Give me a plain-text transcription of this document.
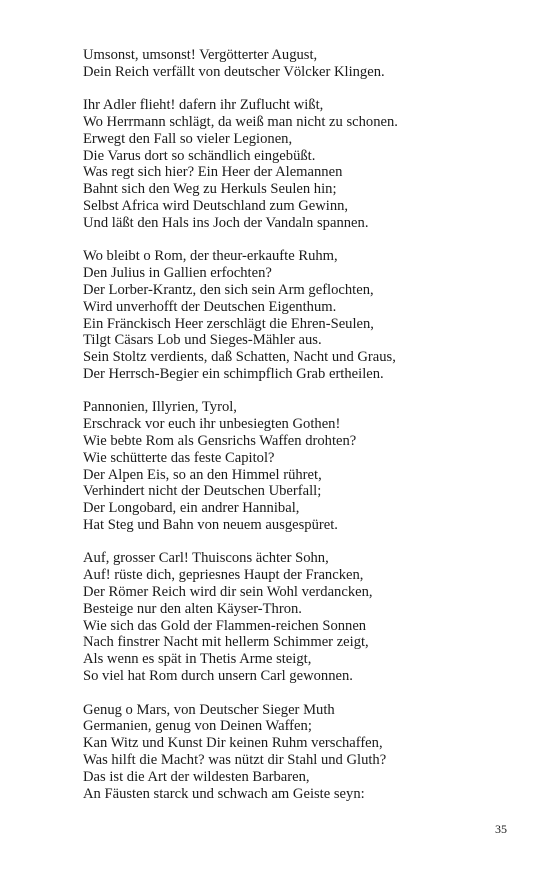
Umsonst, umsonst! Vergötterter August,
Dein Reich verfällt von deutscher Völcker Klingen.
Ihr Adler flieht! dafern ihr Zuflucht wißt,
Wo Herrmann schlägt, da weiß man nicht zu schonen.
Erwegt den Fall so vieler Legionen,
Die Varus dort so schändlich eingebüßt.
Was regt sich hier? Ein Heer der Alemannen
Bahnt sich den Weg zu Herkuls Seulen hin;
Selbst Africa wird Deutschland zum Gewinn,
Und läßt den Hals ins Joch der Vandaln spannen.
Wo bleibt o Rom, der theur-erkaufte Ruhm,
Den Julius in Gallien erfochten?
Der Lorber-Krantz, den sich sein Arm geflochten,
Wird unverhofft der Deutschen Eigenthum.
Ein Fränckisch Heer zerschlägt die Ehren-Seulen,
Tilgt Cäsars Lob und Sieges-Mähler aus.
Sein Stoltz verdients, daß Schatten, Nacht und Graus,
Der Herrsch-Begier ein schimpflich Grab ertheilen.
Pannonien, Illyrien, Tyrol,
Erschrack vor euch ihr unbesiegten Gothen!
Wie bebte Rom als Gensrichs Waffen drohten?
Wie schütterte das feste Capitol?
Der Alpen Eis, so an den Himmel rühret,
Verhindert nicht der Deutschen Uberfall;
Der Longobard, ein andrer Hannibal,
Hat Steg und Bahn von neuem ausgespüret.
Auf, grosser Carl! Thuiscons ächter Sohn,
Auf! rüste dich, gepriesnes Haupt der Francken,
Der Römer Reich wird dir sein Wohl verdancken,
Besteige nur den alten Käyser-Thron.
Wie sich das Gold der Flammen-reichen Sonnen
Nach finstrer Nacht mit hellerm Schimmer zeigt,
Als wenn es spät in Thetis Arme steigt,
So viel hat Rom durch unsern Carl gewonnen.
Genug o Mars, von Deutscher Sieger Muth
Germanien, genug von Deinen Waffen;
Kan Witz und Kunst Dir keinen Ruhm verschaffen,
Was hilft die Macht? was nützt dir Stahl und Gluth?
Das ist die Art der wildesten Barbaren,
An Fäusten starck und schwach am Geiste seyn:
35
